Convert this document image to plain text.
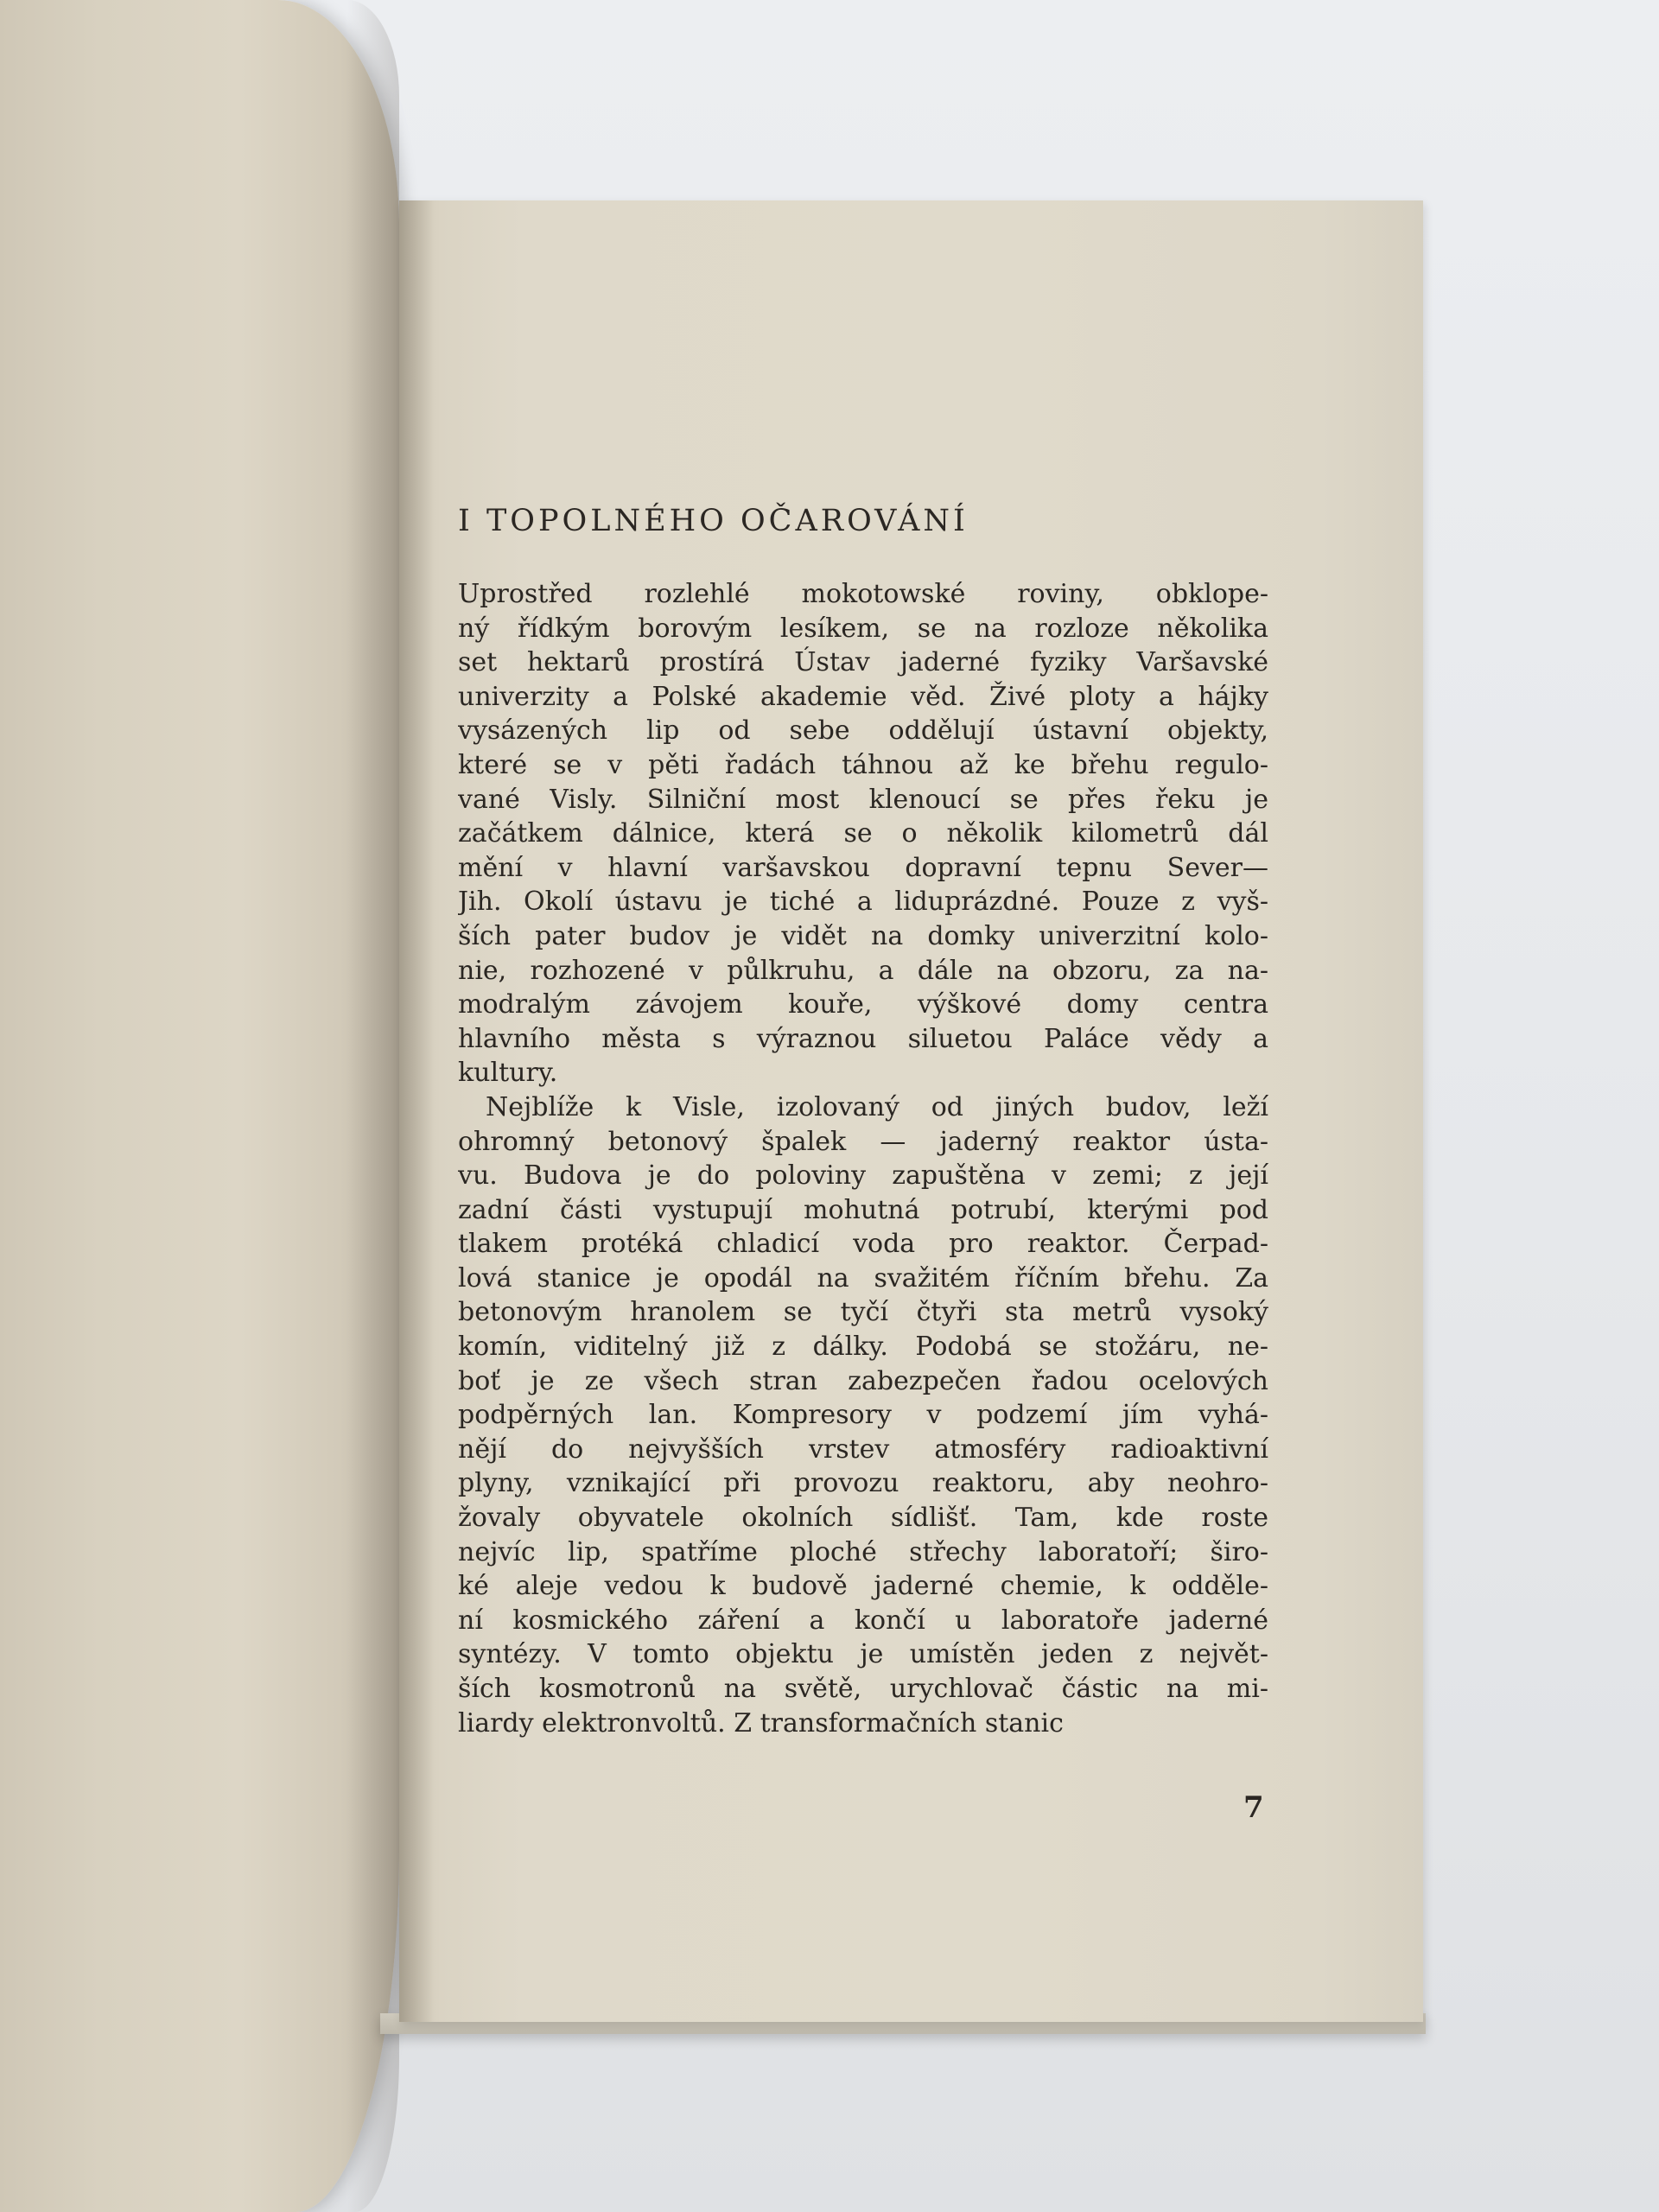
I TOPOLNÉHO OČAROVÁNÍ

Uprostřed rozlehlé mokotowské roviny, obklope-
ný řídkým borovým lesíkem, se na rozloze několika
set hektarů prostírá Ústav jaderné fyziky Varšavské
univerzity a Polské akademie věd. Živé ploty a hájky
vysázených lip od sebe oddělují ústavní objekty,
které se v pěti řadách táhnou až ke břehu regulo-
vané Visly. Silniční most klenoucí se přes řeku je
začátkem dálnice, která se o několik kilometrů dál
mění v hlavní varšavskou dopravní tepnu Sever—
Jih. Okolí ústavu je tiché a liduprázdné. Pouze z vyš-
ších pater budov je vidět na domky univerzitní kolo-
nie, rozhozené v půlkruhu, a dále na obzoru, za na-
modralým závojem kouře, výškové domy centra
hlavního města s výraznou siluetou Paláce vědy a
kultury.

Nejblíže k Visle, izolovaný od jiných budov, leží
ohromný betonový špalek — jaderný reaktor ústa-
vu. Budova je do poloviny zapuštěna v zemi; z její
zadní části vystupují mohutná potrubí, kterými pod
tlakem protéká chladicí voda pro reaktor. Čerpad-
lová stanice je opodál na svažitém říčním břehu. Za
betonovým hranolem se tyčí čtyři sta metrů vysoký
komín, viditelný již z dálky. Podobá se stožáru, ne-
boť je ze všech stran zabezpečen řadou ocelových
podpěrných lan. Kompresory v podzemí jím vyhá-
nějí do nejvyšších vrstev atmosféry radioaktivní
plyny, vznikající při provozu reaktoru, aby neohro-
žovaly obyvatele okolních sídlišť. Tam, kde roste
nejvíc lip, spatříme ploché střechy laboratoří; širo-
ké aleje vedou k budově jaderné chemie, k odděle-
ní kosmického záření a končí u laboratoře jaderné
syntézy. V tomto objektu je umístěn jeden z největ-
ších kosmotronů na světě, urychlovač částic na mi-
liardy elektronvoltů. Z transformačních stanic

7
